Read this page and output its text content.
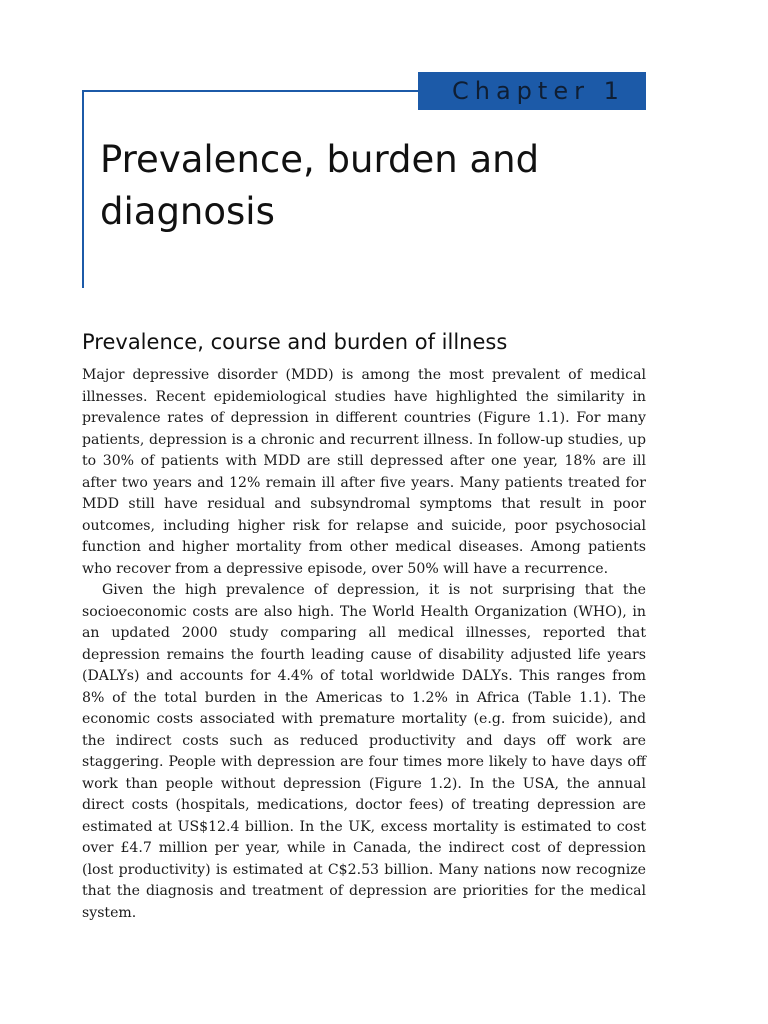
Chapter 1
Prevalence, burden and diagnosis
Prevalence, course and burden of illness

Major depressive disorder (MDD) is among the most prevalent of medical illnesses. Recent epidemiological studies have highlighted the similarity in prevalence rates of depression in different countries (Figure 1.1). For many patients, depression is a chronic and recurrent illness. In follow-up studies, up to 30% of patients with MDD are still depressed after one year, 18% are ill after two years and 12% remain ill after five years. Many patients treated for MDD still have residual and subsyndromal symptoms that result in poor outcomes, including higher risk for relapse and suicide, poor psychosocial function and higher mortality from other medical diseases. Among patients who recover from a depressive episode, over 50% will have a recurrence.

Given the high prevalence of depression, it is not surprising that the socioeconomic costs are also high. The World Health Organization (WHO), in an updated 2000 study comparing all medical illnesses, reported that depression remains the fourth leading cause of disability adjusted life years (DALYs) and accounts for 4.4% of total worldwide DALYs. This ranges from 8% of the total burden in the Americas to 1.2% in Africa (Table 1.1). The economic costs associated with premature mortality (e.g. from suicide), and the indirect costs such as reduced productivity and days off work are staggering. People with depression are four times more likely to have days off work than people without depression (Figure 1.2). In the USA, the annual direct costs (hospitals, medications, doctor fees) of treating depression are estimated at US$12.4 billion. In the UK, excess mortality is estimated to cost over £4.7 million per year, while in Canada, the indirect cost of depression (lost productivity) is estimated at C$2.53 billion. Many nations now recognize that the diagnosis and treatment of depression are priorities for the medical system.
